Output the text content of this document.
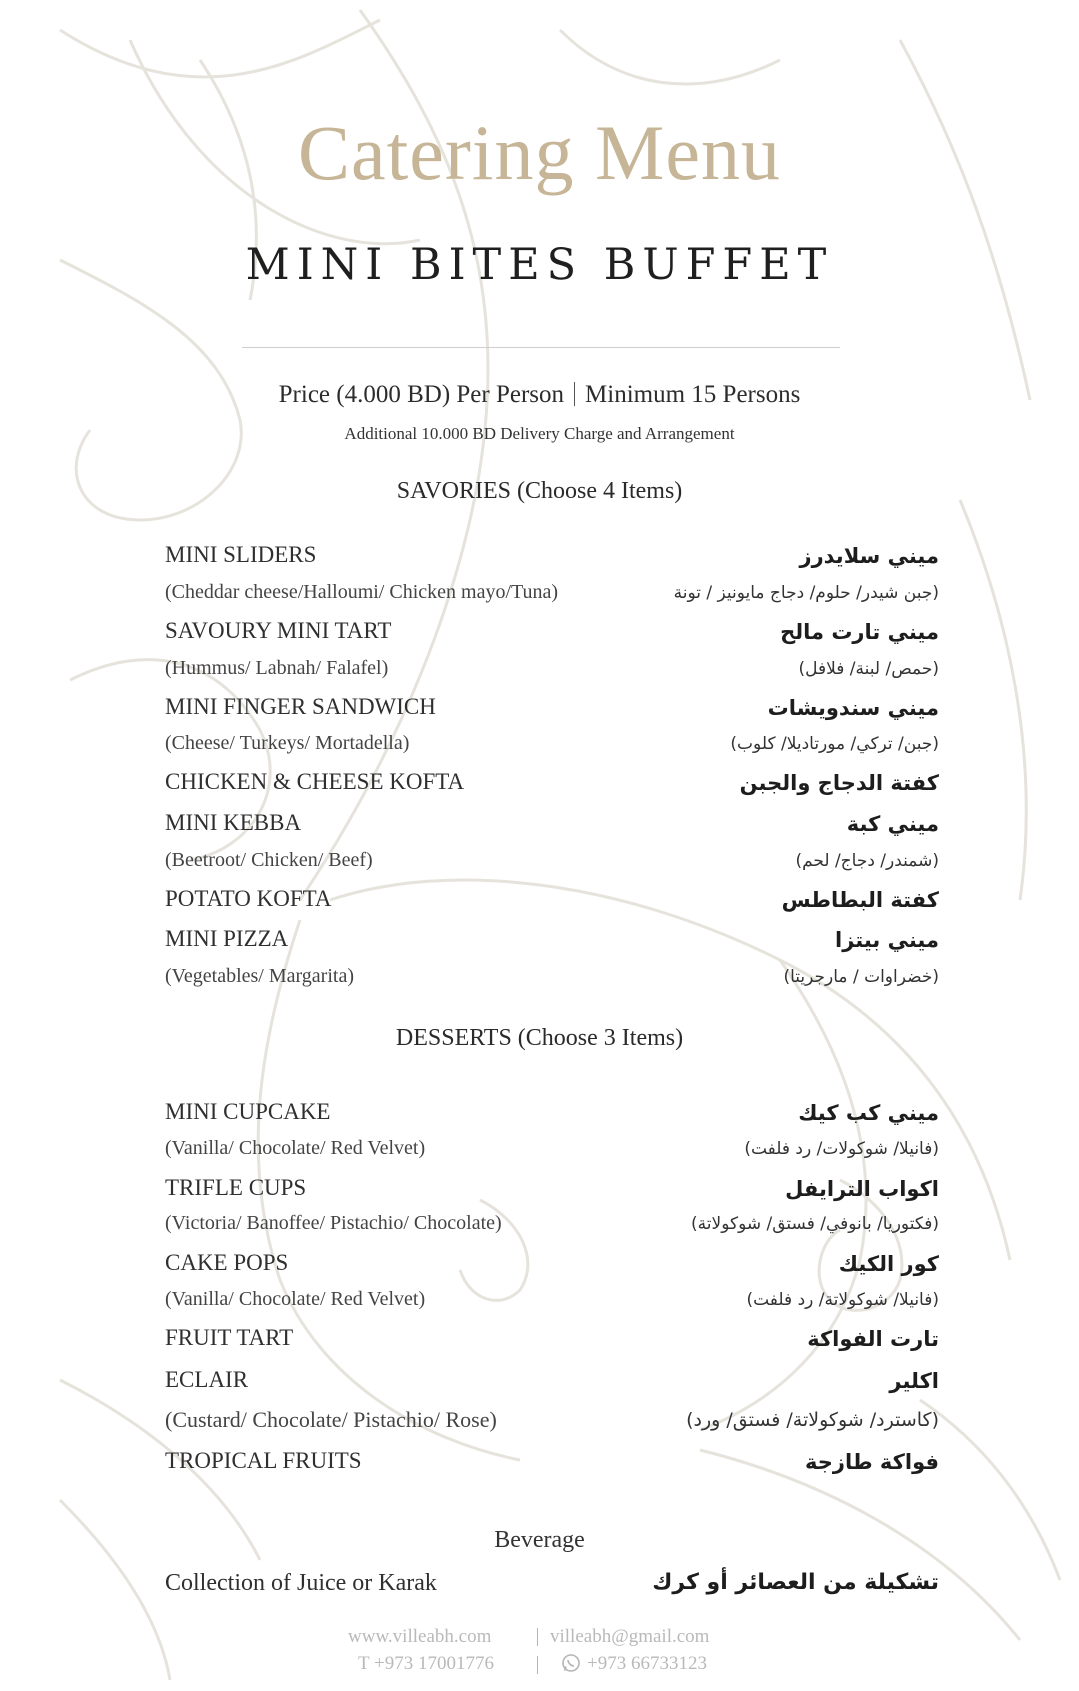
Catering Menu
MINI BITES BUFFET
Price (4.000 BD) Per Person Minimum 15 Persons
Additional 10.000 BD Delivery Charge and Arrangement
SAVORIES (Choose 4 Items)
MINI SLIDERS	ميني سلايدرز
(Cheddar cheese/Halloumi/ Chicken mayo/Tuna)	(جبن شيدر/ حلوم/ دجاج مايونيز / تونة
SAVOURY MINI TART	ميني تارت مالح
(Hummus/ Labnah/ Falafel)	(حمص/ لبنة/ فلافل)
MINI FINGER SANDWICH	ميني سندويشات
(Cheese/ Turkeys/ Mortadella)	(جبن/ تركي/ مورتاديلا/ كلوب)
CHICKEN & CHEESE KOFTA	كفتة الدجاج والجبن
MINI KEBBA	ميني كبة
(Beetroot/ Chicken/ Beef)	(شمندر/ دجاج/ لحم)
POTATO KOFTA	كفتة البطاطس
MINI PIZZA	ميني بيتزا
(Vegetables/ Margarita)	(خضراوات / مارجريتا)
DESSERTS (Choose 3 Items)
MINI CUPCAKE	ميني كب كيك
(Vanilla/ Chocolate/ Red Velvet)	(فانيلا/ شوكولات/ رد فلفت)
TRIFLE CUPS	اكواب الترايفل
(Victoria/ Banoffee/ Pistachio/ Chocolate)	(فكتوريا/ بانوفي/ فستق/ شوكولاتة)
CAKE POPS	كور الكيك
(Vanilla/ Chocolate/ Red Velvet)	(فانيلا/ شوكولاتة/ رد فلفت)
FRUIT TART	تارت الفواكة
ECLAIR	اكلير
(Custard/ Chocolate/ Pistachio/ Rose)	(كاسترد/ شوكولاتة/ فستق/ ورد)
TROPICAL FRUITS	فواكة طازجة
Beverage
Collection of Juice or Karak	تشكيلة من العصائر أو كرك
www.villeabh.com	villeabh@gmail.com
T +973 17001776	+973 66733123
